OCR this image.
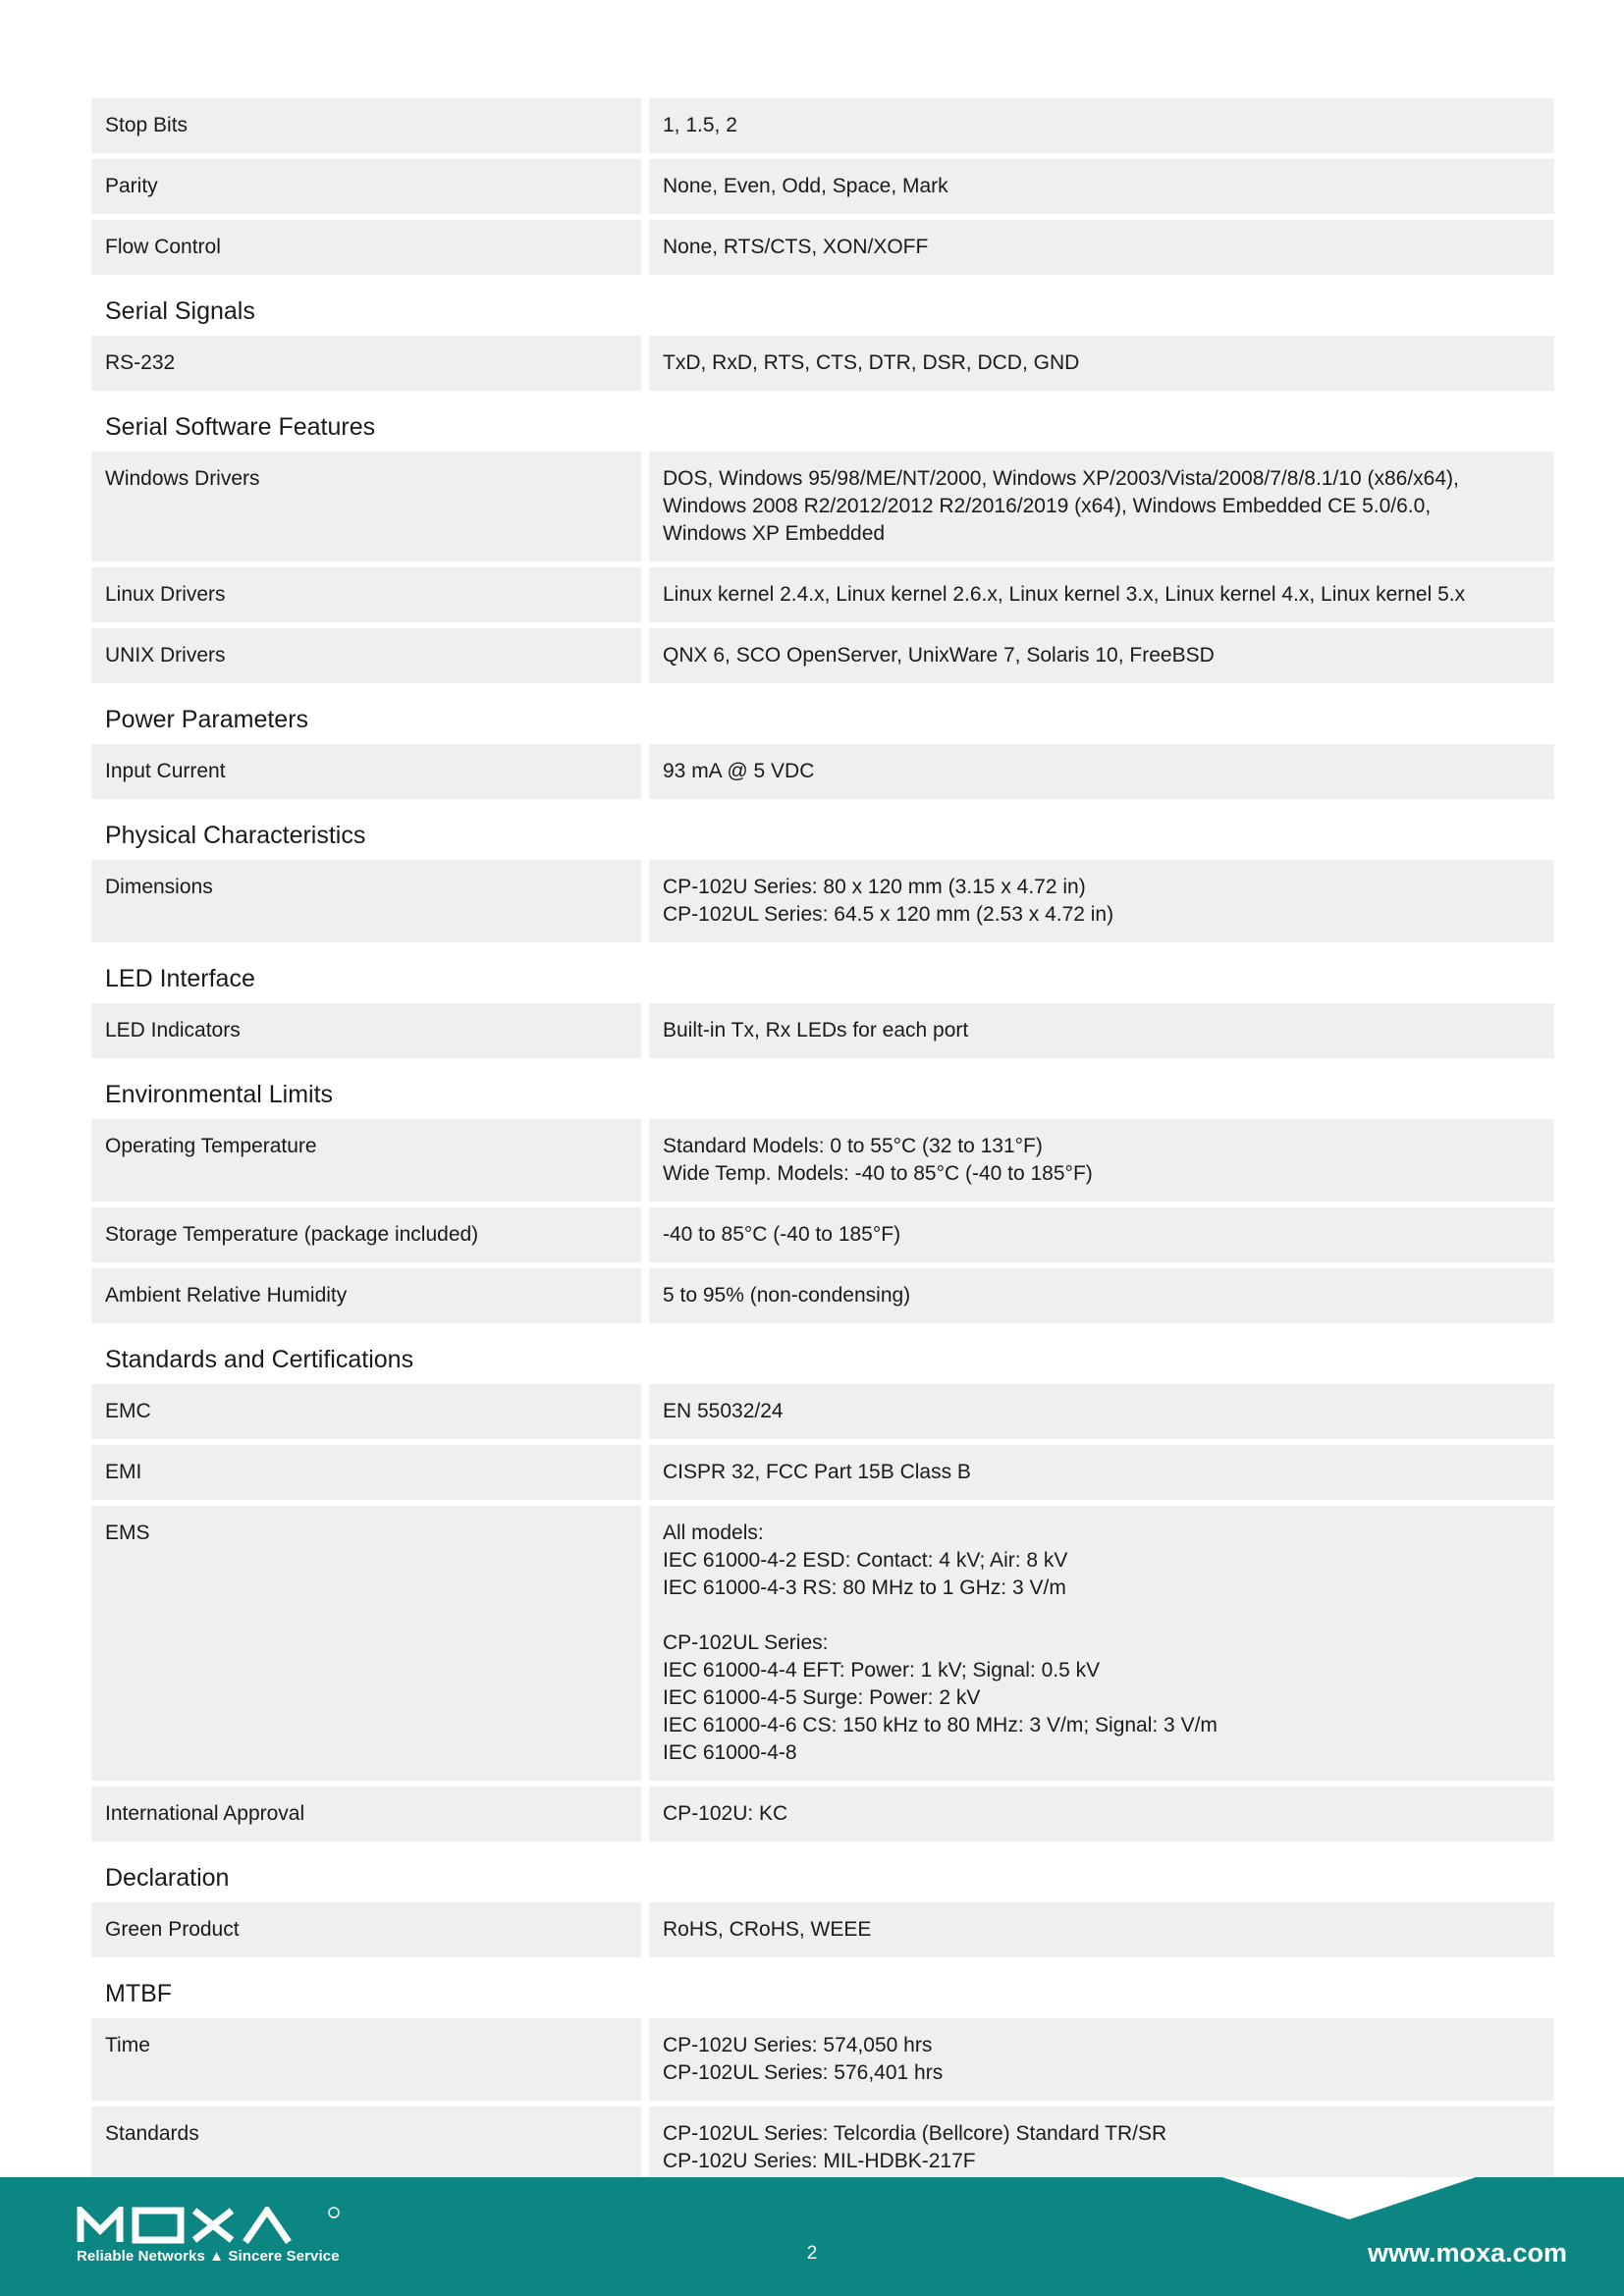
Stop Bits	1, 1.5, 2
Parity	None, Even, Odd, Space, Mark
Flow Control	None, RTS/CTS, XON/XOFF
Serial Signals
RS-232	TxD, RxD, RTS, CTS, DTR, DSR, DCD, GND
Serial Software Features
Windows Drivers	DOS, Windows 95/98/ME/NT/2000, Windows XP/2003/Vista/2008/7/8/8.1/10 (x86/x64),
Windows 2008 R2/2012/2012 R2/2016/2019 (x64), Windows Embedded CE 5.0/6.0,
Windows XP Embedded
Linux Drivers	Linux kernel 2.4.x, Linux kernel 2.6.x, Linux kernel 3.x, Linux kernel 4.x, Linux kernel 5.x
UNIX Drivers	QNX 6, SCO OpenServer, UnixWare 7, Solaris 10, FreeBSD
Power Parameters
Input Current	93 mA @ 5 VDC
Physical Characteristics
Dimensions	CP-102U Series: 80 x 120 mm (3.15 x 4.72 in)
CP-102UL Series: 64.5 x 120 mm (2.53 x 4.72 in)
LED Interface
LED Indicators	Built-in Tx, Rx LEDs for each port
Environmental Limits
Operating Temperature	Standard Models: 0 to 55°C (32 to 131°F)
Wide Temp. Models: -40 to 85°C (-40 to 185°F)
Storage Temperature (package included)	-40 to 85°C (-40 to 185°F)
Ambient Relative Humidity	5 to 95% (non-condensing)
Standards and Certifications
EMC	EN 55032/24
EMI	CISPR 32, FCC Part 15B Class B
EMS	All models:
IEC 61000-4-2 ESD: Contact: 4 kV; Air: 8 kV
IEC 61000-4-3 RS: 80 MHz to 1 GHz: 3 V/m

CP-102UL Series:
IEC 61000-4-4 EFT: Power: 1 kV; Signal: 0.5 kV
IEC 61000-4-5 Surge: Power: 2 kV
IEC 61000-4-6 CS: 150 kHz to 80 MHz: 3 V/m; Signal: 3 V/m
IEC 61000-4-8
International Approval	CP-102U: KC
Declaration
Green Product	RoHS, CRoHS, WEEE
MTBF
Time	CP-102U Series: 574,050 hrs
CP-102UL Series: 576,401 hrs
Standards	CP-102UL Series: Telcordia (Bellcore) Standard TR/SR
CP-102U Series: MIL-HDBK-217F
Reliable Networks ▲ Sincere Service	2	www.moxa.com
